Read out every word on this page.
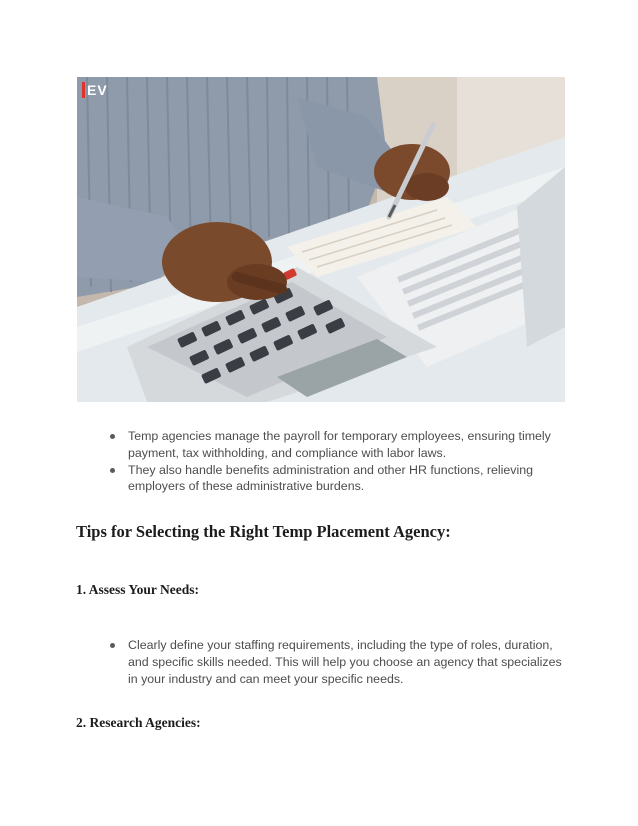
EV
Temp agencies manage the payroll for temporary employees, ensuring timely payment, tax withholding, and compliance with labor laws.
They also handle benefits administration and other HR functions, relieving employers of these administrative burdens.
Tips for Selecting the Right Temp Placement Agency:
1. Assess Your Needs:
Clearly define your staffing requirements, including the type of roles, duration, and specific skills needed. This will help you choose an agency that specializes in your industry and can meet your specific needs.
2. Research Agencies:
